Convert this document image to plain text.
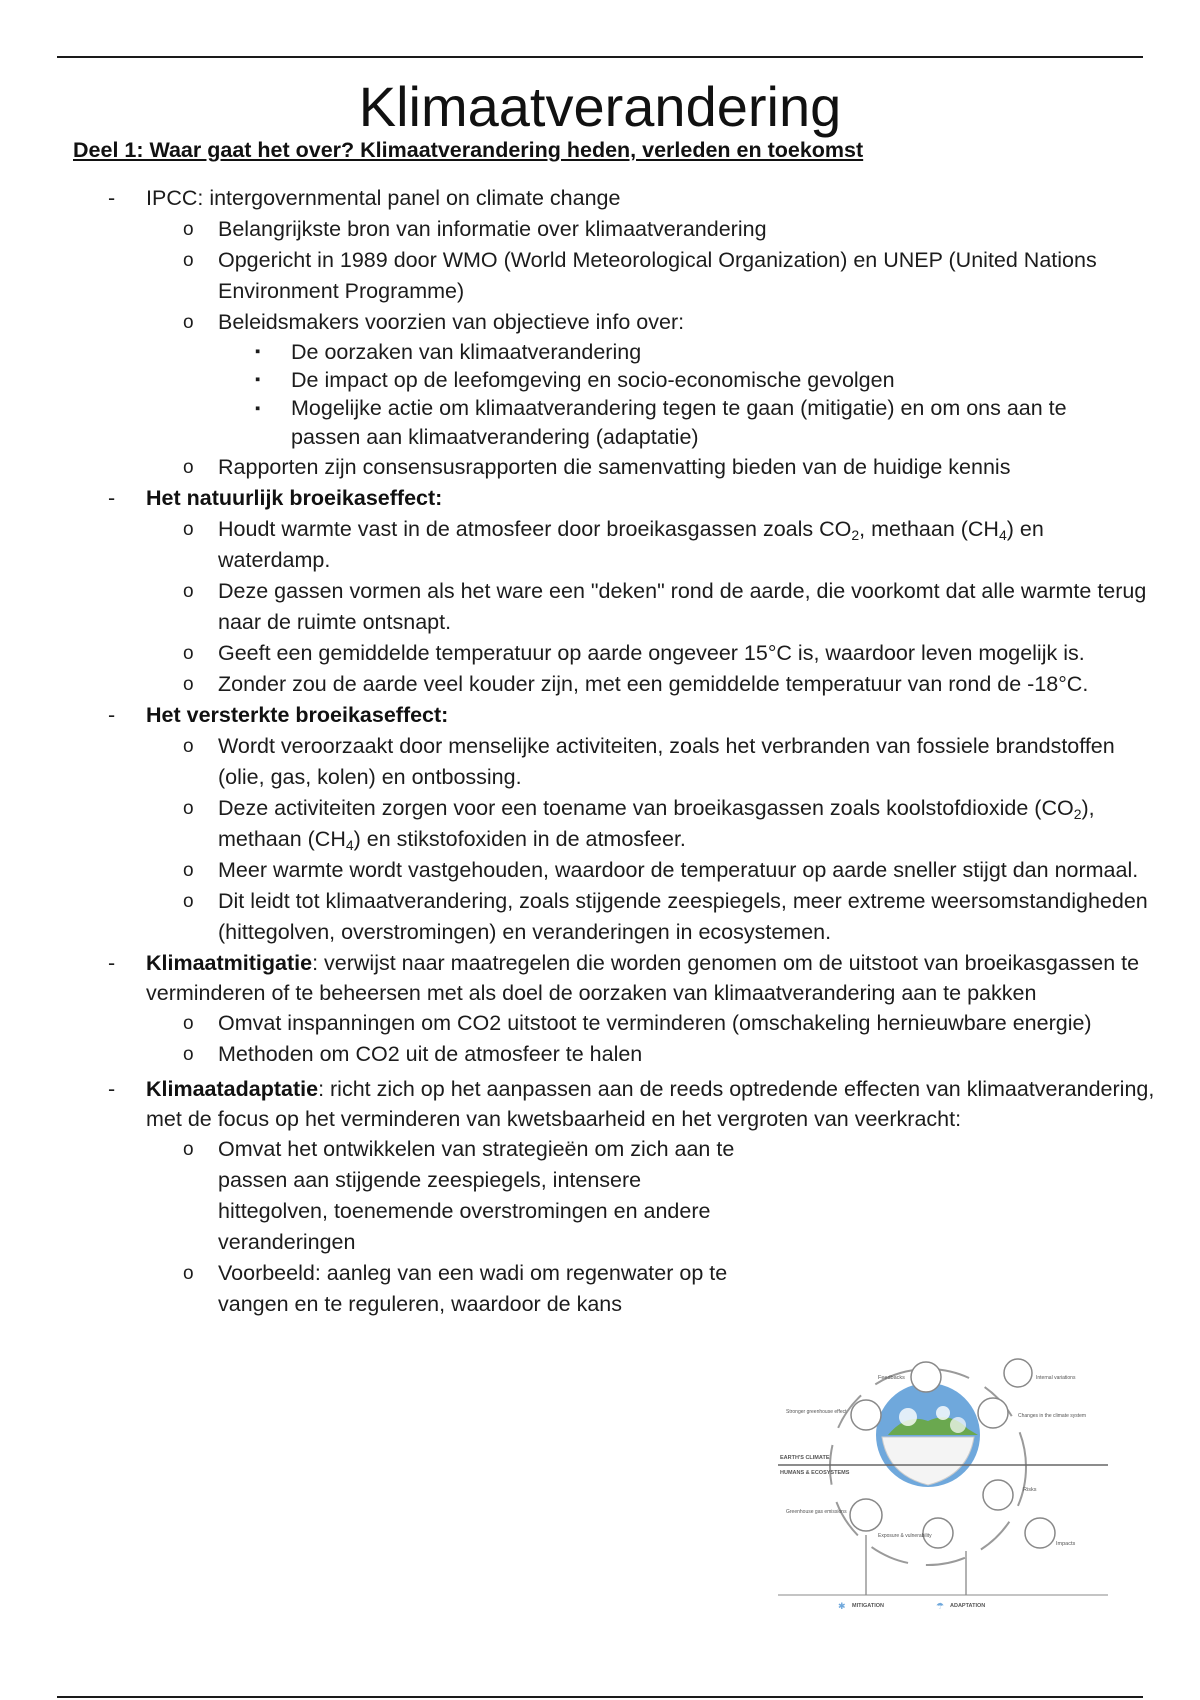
Klimaatverandering
Deel 1: Waar gaat het over? Klimaatverandering heden, verleden en toekomst
- IPCC: intergovernmental panel on climate change
o Belangrijkste bron van informatie over klimaatverandering
o Opgericht in 1989 door WMO (World Meteorological Organization) en UNEP (United Nations Environment Programme)
o Beleidsmakers voorzien van objectieve info over:
▪ De oorzaken van klimaatverandering
▪ De impact op de leefomgeving en socio-economische gevolgen
▪ Mogelijke actie om klimaatverandering tegen te gaan (mitigatie) en om ons aan te passen aan klimaatverandering (adaptatie)
o Rapporten zijn consensusrapporten die samenvatting bieden van de huidige kennis
- Het natuurlijk broeikaseffect:
o Houdt warmte vast in de atmosfeer door broeikasgassen zoals $CO_2$, methaan $(CH_4)$ en waterdamp.
o Deze gassen vormen als het ware een "deken" rond de aarde, die voorkomt dat alle warmte terug naar de ruimte ontsnapt.
o Geeft een gemiddelde temperatuur op aarde ongeveer 15°C is, waardoor leven mogelijk is.
o Zonder zou de aarde veel kouder zijn, met een gemiddelde temperatuur van rond de -18°C.
- Het versterkte broeikaseffect:
o Wordt veroorzaakt door menselijke activiteiten, zoals het verbranden van fossiele brandstoffen (olie, gas, kolen) en ontbossing.
o Deze activiteiten zorgen voor een toename van broeikasgassen zoals koolstofdioxide $(CO_2)$, methaan $(CH_4)$ en stikstofoxiden in de atmosfeer.
o Meer warmte wordt vastgehouden, waardoor de temperatuur op aarde sneller stijgt dan normaal.
o Dit leidt tot klimaatverandering, zoals stijgende zeespiegels, meer extreme weersomstandigheden (hittegolven, overstromingen) en veranderingen in ecosystemen.
- Klimaatmitigatie: verwijst naar maatregelen die worden genomen om de uitstoot van broeikasgassen te verminderen of te beheersen met als doel de oorzaken van klimaatverandering aan te pakken
o Omvat inspanningen om CO2 uitstoot te verminderen (omschakeling hernieuwbare energie)
o Methoden om CO2 uit de atmosfeer te halen
- Klimaatadaptatie: richt zich op het aanpassen aan de reeds optredende effecten van klimaatverandering, met de focus op het verminderen van kwetsbaarheid en het vergroten van veerkracht:
o Omvat het ontwikkelen van strategieën om zich aan te passen aan stijgende zeespiegels, intensere hittegolven, toenemende overstromingen en andere veranderingen
o Voorbeeld: aanleg van een wadi om regenwater op te vangen en te reguleren, waardoor de kans
EARTH'S CLIMATE
HUMANS & ECOSYSTEMS
Feedbacks	Internal variations
Stronger greenhouse effect
Changes in the climate system
Greenhouse gas emissions
Risks
Exposure & vulnerability
Impacts
✱ MITIGATION	☂ ADAPTATION
